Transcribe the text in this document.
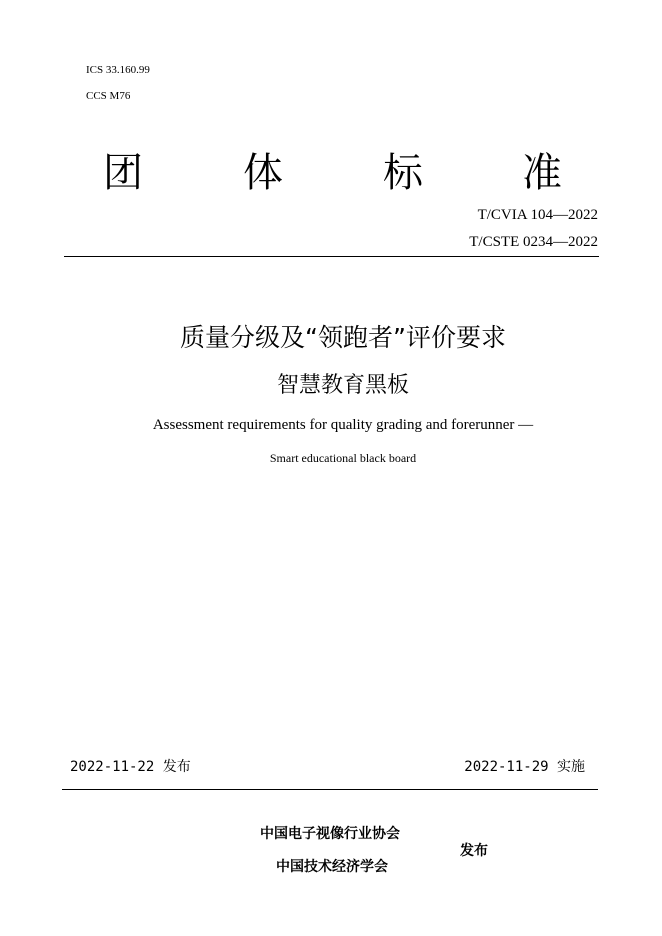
ICS 33.160.99
CCS M76
团	体	标 准
T/CVIA 104—2022
T/CSTE 0234—2022
质量分级及“领跑者”评价要求
智慧教育黑板
Assessment requirements for quality grading and forerunner —
Smart educational black board
2022-11-22 发布	2022-11-29 实施
中国电子视像行业协会
中国技术经济学会
发布
